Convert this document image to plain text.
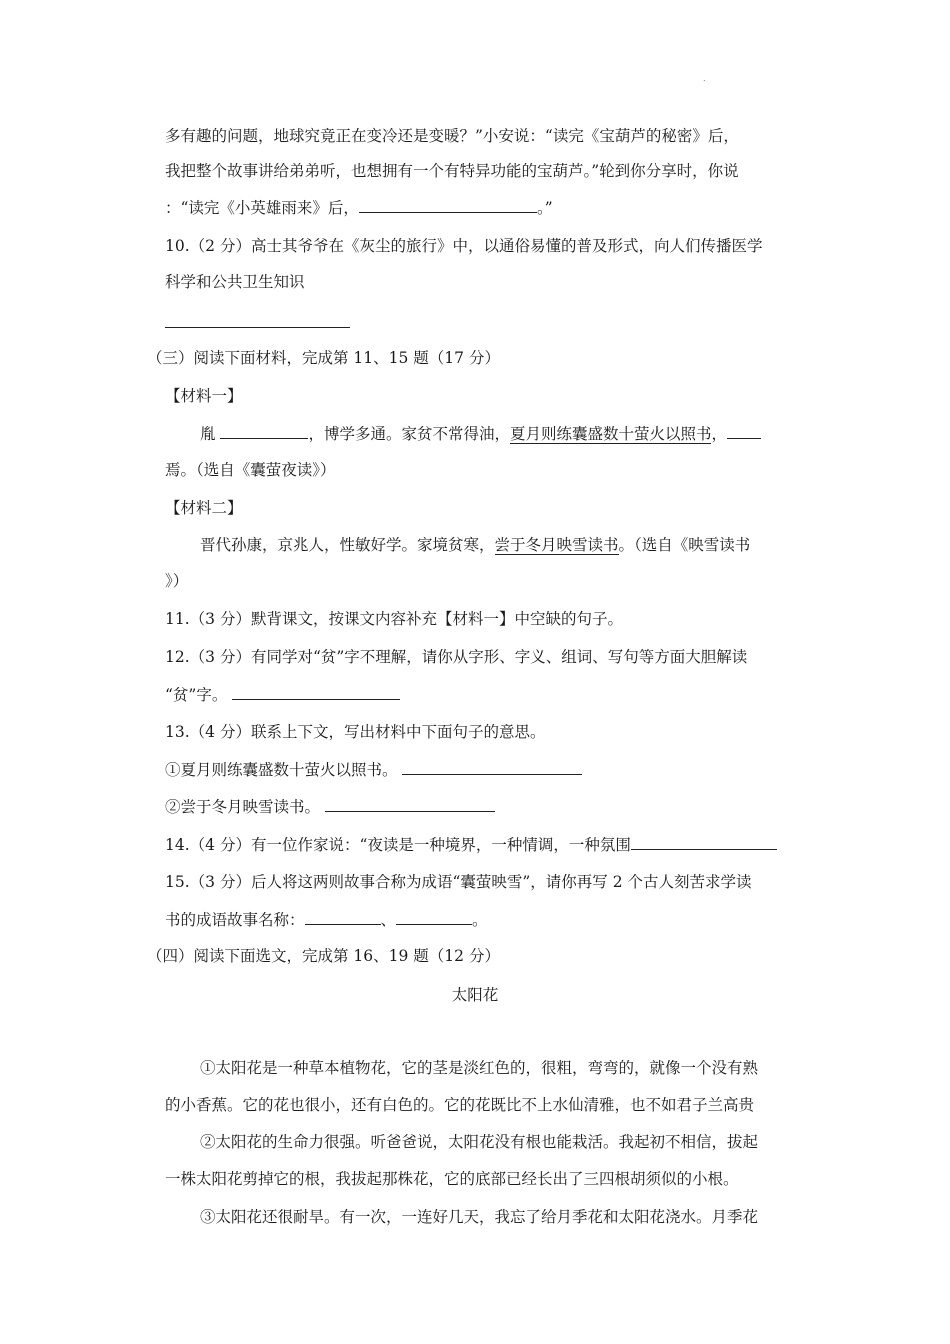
.
多有趣的问题，地球究竟正在变冷还是变暖？”小安说：“读完《宝葫芦的秘密》后，
我把整个故事讲给弟弟听，也想拥有一个有特异功能的宝葫芦。”轮到你分享时，你说
：“读完《小英雄雨来》后，	。”
10.（2 分）高士其爷爷在《灰尘的旅行》中，以通俗易懂的普及形式，向人们传播医学
科学和公共卫生知识
（三）阅读下面材料，完成第 11、15 题（17 分）
【材料一】
胤	，博学多通。家贫不常得油，夏月则练囊盛数十萤火以照书，
焉。（选自《囊萤夜读》）
【材料二】
晋代孙康，京兆人，性敏好学。家境贫寒，尝于冬月映雪读书。（选自《映雪读书
》）
11.（3 分）默背课文，按课文内容补充【材料一】中空缺的句子。
12.（3 分）有同学对“贫”字不理解，请你从字形、字义、组词、写句等方面大胆解读
“贫”字。
13.（4 分）联系上下文，写出材料中下面句子的意思。
①夏月则练囊盛数十萤火以照书。
②尝于冬月映雪读书。
14.（4 分）有一位作家说：“夜读是一种境界，一种情调，一种氛围
15.（3 分）后人将这两则故事合称为成语“囊萤映雪”，请你再写 2 个古人刻苦求学读
书的成语故事名称：	、	。
（四）阅读下面选文，完成第 16、19 题（12 分）
太阳花
①太阳花是一种草本植物花，它的茎是淡红色的，很粗，弯弯的，就像一个没有熟
的小香蕉。它的花也很小，还有白色的。它的花既比不上水仙清雅，也不如君子兰高贵
②太阳花的生命力很强。听爸爸说，太阳花没有根也能栽活。我起初不相信，拔起
一株太阳花剪掉它的根，我拔起那株花，它的底部已经长出了三四根胡须似的小根。
③太阳花还很耐旱。有一次，一连好几天，我忘了给月季花和太阳花浇水。月季花
